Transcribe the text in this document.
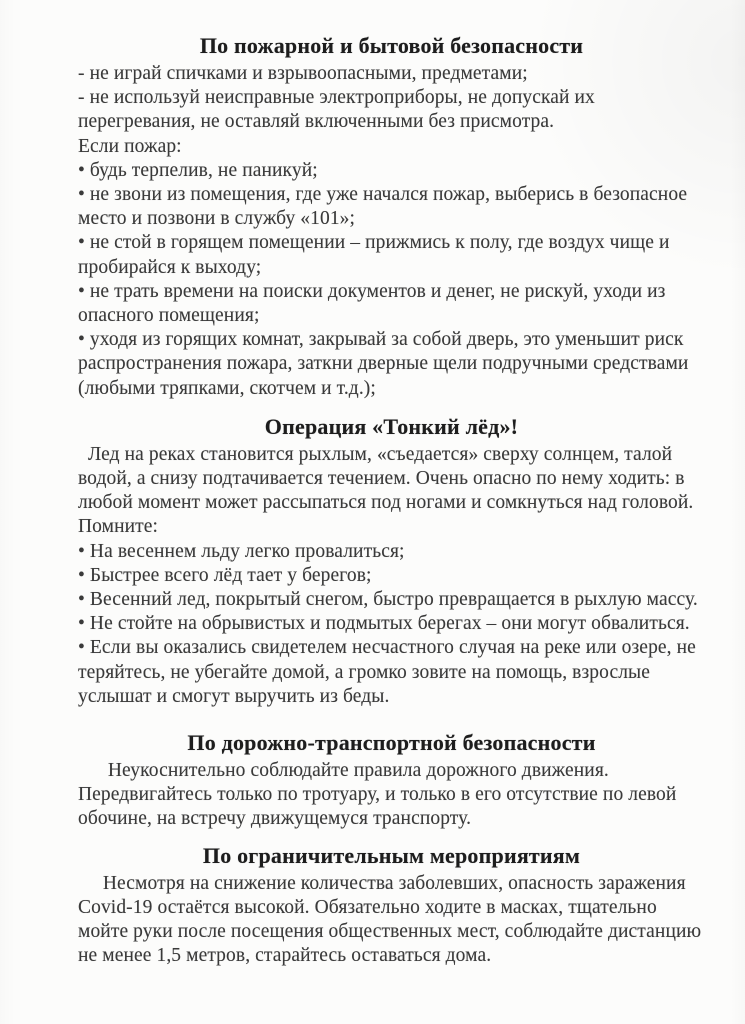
По пожарной и бытовой безопасности
- не играй спичками и взрывоопасными, предметами;
- не используй неисправные электроприборы, не допускай их
перегревания, не оставляй включенными без присмотра.
Если пожар:
• будь терпелив, не паникуй;
• не звони из помещения, где уже начался пожар, выберись в безопасное
место и позвони в службу «101»;
• не стой в горящем помещении – прижмись к полу, где воздух чище и
пробирайся к выходу;
• не трать времени на поиски документов и денег, не рискуй, уходи из
опасного помещения;
• уходя из горящих комнат, закрывай за собой дверь, это уменьшит риск
распространения пожара, заткни дверные щели подручными средствами
(любыми тряпками, скотчем и т.д.);
Операция «Тонкий лёд»!
Лед на реках становится рыхлым, «съедается» сверху солнцем, талой
водой, а снизу подтачивается течением. Очень опасно по нему ходить: в
любой момент может рассыпаться под ногами и сомкнуться над головой.
Помните:
• На весеннем льду легко провалиться;
• Быстрее всего лёд тает у берегов;
• Весенний лед, покрытый снегом, быстро превращается в рыхлую массу.
• Не стойте на обрывистых и подмытых берегах – они могут обвалиться.
• Если вы оказались свидетелем несчастного случая на реке или озере, не
теряйтесь, не убегайте домой, а громко зовите на помощь, взрослые
услышат и смогут выручить из беды.
По дорожно-транспортной безопасности
Неукоснительно соблюдайте правила дорожного движения.
Передвигайтесь только по тротуару, и только в его отсутствие по левой
обочине, на встречу движущемуся транспорту.
По ограничительным мероприятиям
Несмотря на снижение количества заболевших, опасность заражения
Covid-19 остаётся высокой. Обязательно ходите в масках, тщательно
мойте руки после посещения общественных мест, соблюдайте дистанцию
не менее 1,5 метров, старайтесь оставаться дома.
